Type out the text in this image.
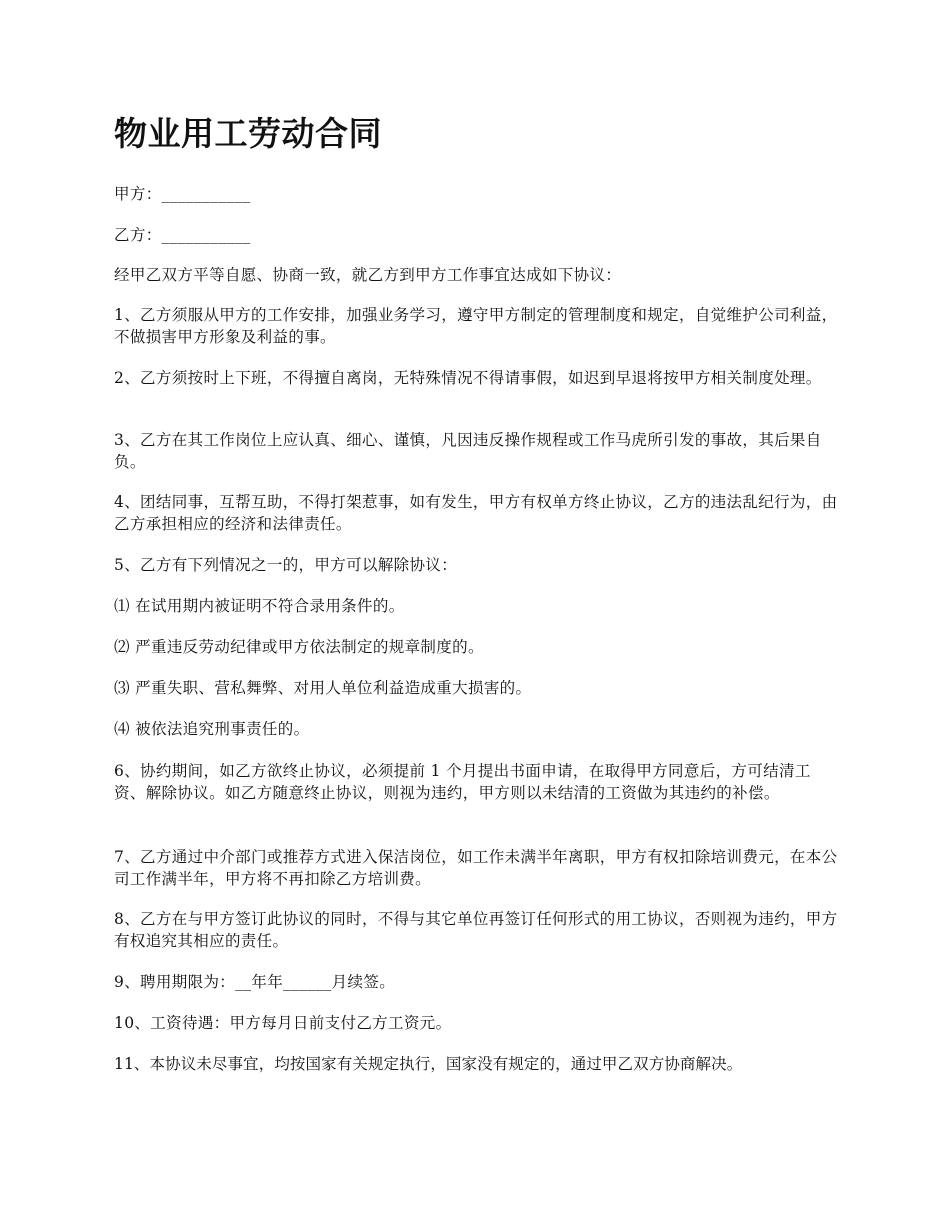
物业用工劳动合同

甲方：___________

乙方：___________

经甲乙双方平等自愿、协商一致，就乙方到甲方工作事宜达成如下协议：

1、乙方须服从甲方的工作安排，加强业务学习，遵守甲方制定的管理制度和规定，自觉维护公司利益，不做损害甲方形象及利益的事。

2、乙方须按时上下班，不得擅自离岗，无特殊情况不得请事假，如迟到早退将按甲方相关制度处理。

3、乙方在其工作岗位上应认真、细心、谨慎，凡因违反操作规程或工作马虎所引发的事故，其后果自负。

4、团结同事，互帮互助，不得打架惹事，如有发生，甲方有权单方终止协议，乙方的违法乱纪行为，由乙方承担相应的经济和法律责任。

5、乙方有下列情况之一的，甲方可以解除协议：

⑴ 在试用期内被证明不符合录用条件的。

⑵ 严重违反劳动纪律或甲方依法制定的规章制度的。

⑶ 严重失职、营私舞弊、对用人单位利益造成重大损害的。

⑷ 被依法追究刑事责任的。

6、协约期间，如乙方欲终止协议，必须提前 1 个月提出书面申请，在取得甲方同意后，方可结清工资、解除协议。如乙方随意终止协议，则视为违约，甲方则以未结清的工资做为其违约的补偿。

7、乙方通过中介部门或推荐方式进入保洁岗位，如工作未满半年离职，甲方有权扣除培训费元，在本公司工作满半年，甲方将不再扣除乙方培训费。

8、乙方在与甲方签订此协议的同时，不得与其它单位再签订任何形式的用工协议，否则视为违约，甲方有权追究其相应的责任。

9、聘用期限为：__年年______月续签。

10、工资待遇：甲方每月日前支付乙方工资元。

11、本协议未尽事宜，均按国家有关规定执行，国家没有规定的，通过甲乙双方协商解决。
